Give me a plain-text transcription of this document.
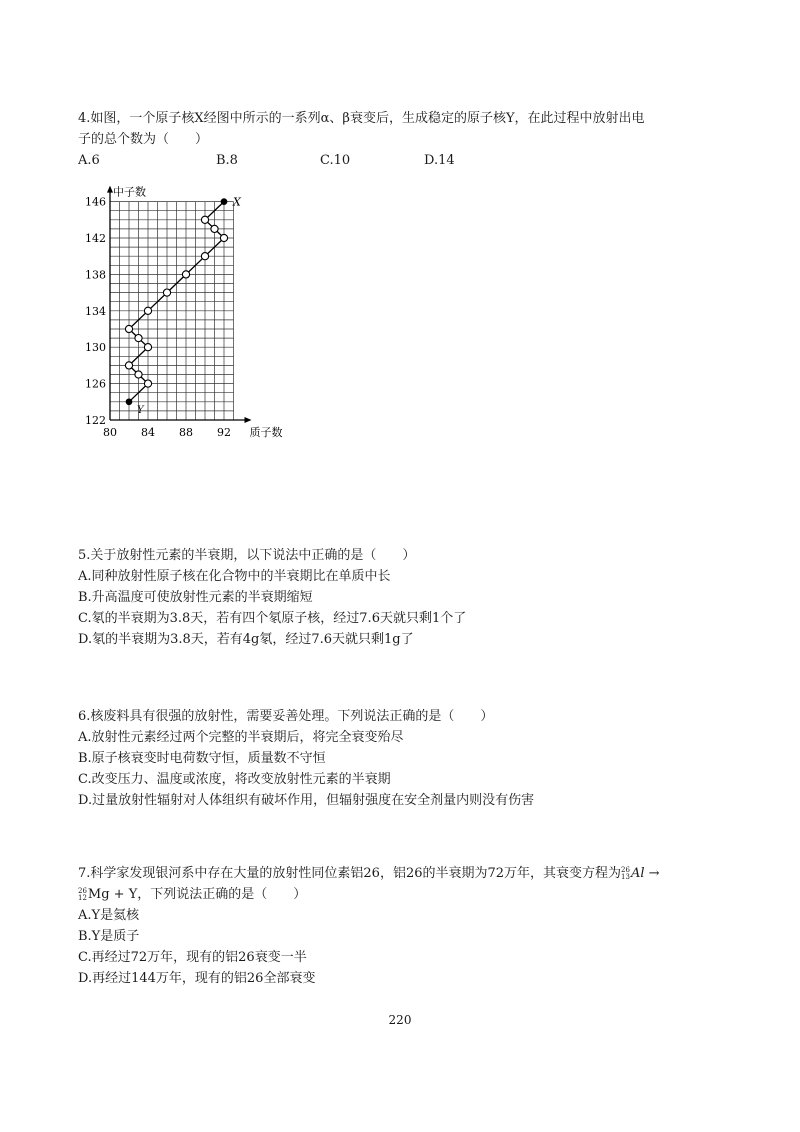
4.如图，一个原子核X经图中所示的一系列α、β衰变后，生成稳定的原子核Y，在此过程中放射出电
子的总个数为（　　）
A.6	B.8	C.10	D.14
122
126
130
134
138
142
146
80 84 88 92
中子数
质子数
X
Y
5.关于放射性元素的半衰期，以下说法中正确的是（　　）
A.同种放射性原子核在化合物中的半衰期比在单质中长
B.升高温度可使放射性元素的半衰期缩短
C.氡的半衰期为3.8天，若有四个氡原子核，经过7.6天就只剩1个了
D.氡的半衰期为3.8天，若有4g氡，经过7.6天就只剩1g了
6.核废料具有很强的放射性，需要妥善处理。下列说法正确的是（　　）
A.放射性元素经过两个完整的半衰期后，将完全衰变殆尽
B.原子核衰变时电荷数守恒，质量数不守恒
C.改变压力、温度或浓度，将改变放射性元素的半衰期
D.过量放射性辐射对人体组织有破坏作用，但辐射强度在安全剂量内则没有伤害
7.科学家发现银河系中存在大量的放射性同位素铝26，铝26的半衰期为72万年，其衰变方程为 26
13 Al →
26
12 Mg + Y，下列说法正确的是（　　）
A.Y是氦核
B.Y是质子
C.再经过72万年，现有的铝26衰变一半
D.再经过144万年，现有的铝26全部衰变
220
